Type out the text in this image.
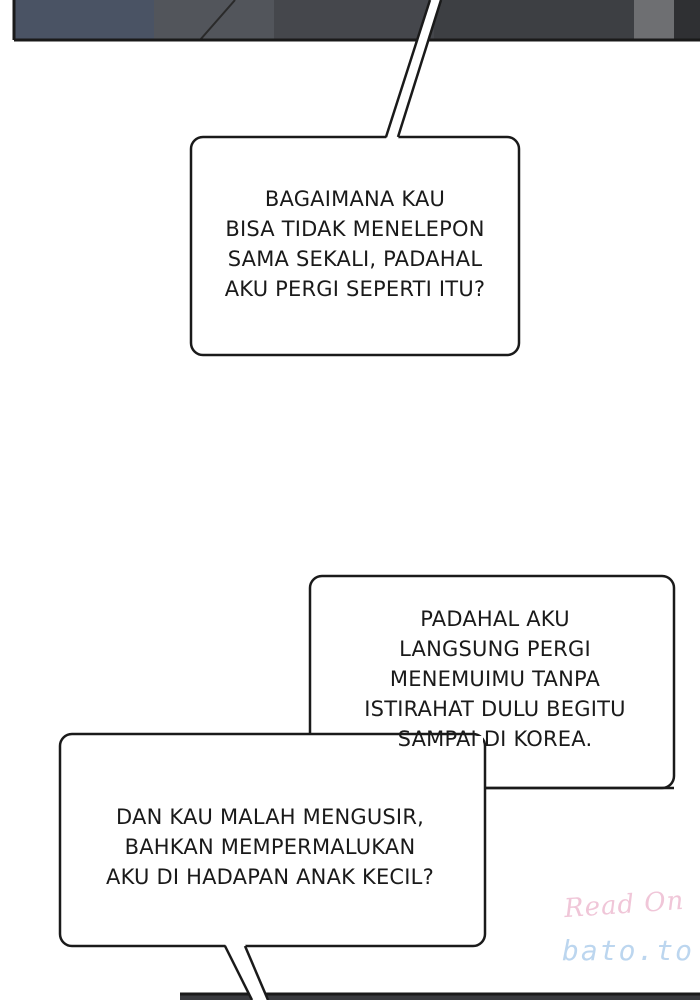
BAGAIMANA KAU
BISA TIDAK MENELEPON
SAMA SEKALI, PADAHAL
AKU PERGI SEPERTI ITU?
PADAHAL AKU
LANGSUNG PERGI
MENEMUIMU TANPA
ISTIRAHAT DULU BEGITU
SAMPAI DI KOREA.
DAN KAU MALAH MENGUSIR,
BAHKAN MEMPERMALUKAN
AKU DI HADAPAN ANAK KECIL?
Read On
bato.to
